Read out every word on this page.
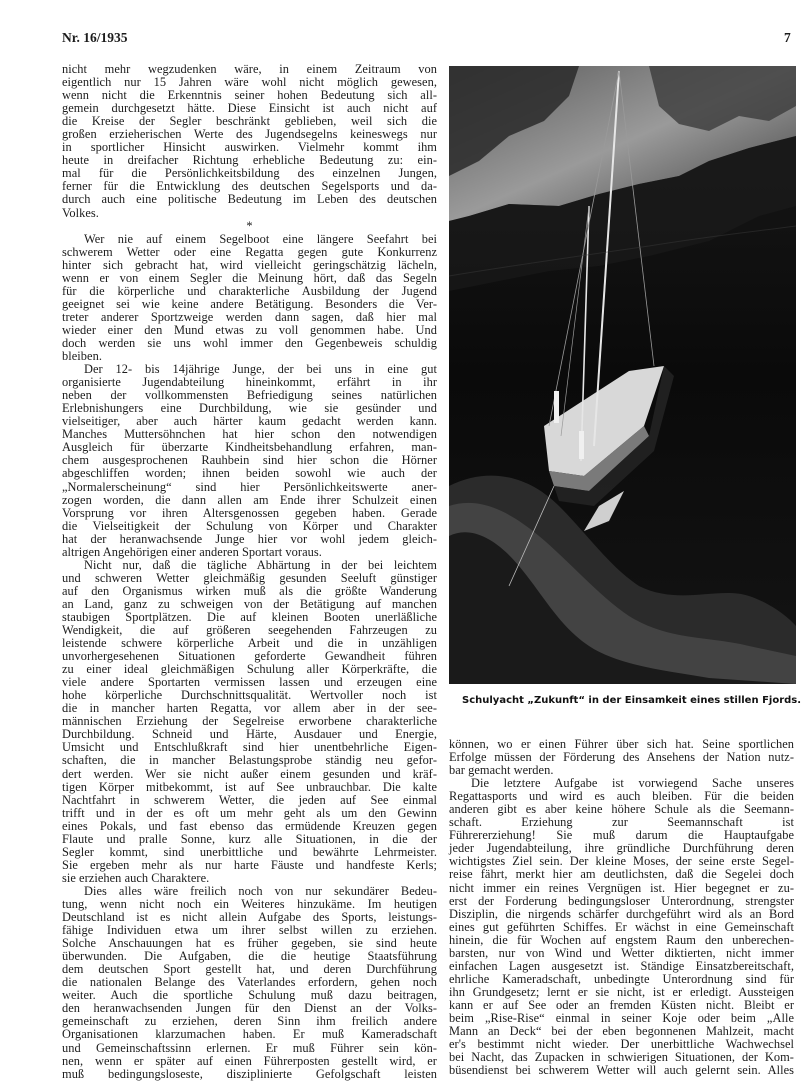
Nr. 16/1935	7
nicht mehr wegzudenken wäre, in einem Zeitraum von
eigentlich nur 15 Jahren wäre wohl nicht möglich gewesen,
wenn nicht die Erkenntnis seiner hohen Bedeutung sich all-
gemein durchgesetzt hätte. Diese Einsicht ist auch nicht auf
die Kreise der Segler beschränkt geblieben, weil sich die
großen erzieherischen Werte des Jugendsegelns keineswegs nur
in sportlicher Hinsicht auswirken. Vielmehr kommt ihm
heute in dreifacher Richtung erhebliche Bedeutung zu: ein-
mal für die Persönlichkeitsbildung des einzelnen Jungen,
ferner für die Entwicklung des deutschen Segelsports und da-
durch auch eine politische Bedeutung im Leben des deutschen
Volkes.
*
Wer nie auf einem Segelboot eine längere Seefahrt bei
schwerem Wetter oder eine Regatta gegen gute Konkurrenz
hinter sich gebracht hat, wird vielleicht geringschätzig lächeln,
wenn er von einem Segler die Meinung hört, daß das Segeln
für die körperliche und charakterliche Ausbildung der Jugend
geeignet sei wie keine andere Betätigung. Besonders die Ver-
treter anderer Sportzweige werden dann sagen, daß hier mal
wieder einer den Mund etwas zu voll genommen habe. Und
doch werden sie uns wohl immer den Gegenbeweis schuldig
bleiben.
Der 12- bis 14jährige Junge, der bei uns in eine gut
organisierte Jugendabteilung hineinkommt, erfährt in ihr
neben der vollkommensten Befriedigung seines natürlichen
Erlebnishungers eine Durchbildung, wie sie gesünder und
vielseitiger, aber auch härter kaum gedacht werden kann.
Manches Muttersöhnchen hat hier schon den notwendigen
Ausgleich für überzarte Kindheitsbehandlung erfahren, man-
chem ausgesprochenen Rauhbein sind hier schon die Hörner
abgeschliffen worden; ihnen beiden sowohl wie auch der
„Normalerscheinung“ sind hier Persönlichkeitswerte aner-
zogen worden, die dann allen am Ende ihrer Schulzeit einen
Vorsprung vor ihren Altersgenossen gegeben haben. Gerade
die Vielseitigkeit der Schulung von Körper und Charakter
hat der heranwachsende Junge hier vor wohl jedem gleich-
altrigen Angehörigen einer anderen Sportart voraus.
Nicht nur, daß die tägliche Abhärtung in der bei leichtem
und schweren Wetter gleichmäßig gesunden Seeluft günstiger
auf den Organismus wirken muß als die größte Wanderung
an Land, ganz zu schweigen von der Betätigung auf manchen
staubigen Sportplätzen. Die auf kleinen Booten unerläßliche
Wendigkeit, die auf größeren seegehenden Fahrzeugen zu
leistende schwere körperliche Arbeit und die in unzähligen
unvorhergesehenen Situationen geforderte Gewandheit führen
zu einer ideal gleichmäßigen Schulung aller Körperkräfte, die
viele andere Sportarten vermissen lassen und erzeugen eine
hohe körperliche Durchschnittsqualität. Wertvoller noch ist
die in mancher harten Regatta, vor allem aber in der see-
männischen Erziehung der Segelreise erworbene charakterliche
Durchbildung. Schneid und Härte, Ausdauer und Energie,
Umsicht und Entschlußkraft sind hier unentbehrliche Eigen-
schaften, die in mancher Belastungsprobe ständig neu gefor-
dert werden. Wer sie nicht außer einem gesunden und kräf-
tigen Körper mitbekommt, ist auf See unbrauchbar. Die kalte
Nachtfahrt in schwerem Wetter, die jeden auf See einmal
trifft und in der es oft um mehr geht als um den Gewinn
eines Pokals, und fast ebenso das ermüdende Kreuzen gegen
Flaute und pralle Sonne, kurz alle Situationen, in die der
Segler kommt, sind unerbittliche und bewährte Lehrmeister.
Sie ergeben mehr als nur harte Fäuste und handfeste Kerls;
sie erziehen auch Charaktere.
Dies alles wäre freilich noch von nur sekundärer Bedeu-
tung, wenn nicht noch ein Weiteres hinzukäme. Im heutigen
Deutschland ist es nicht allein Aufgabe des Sports, leistungs-
fähige Individuen etwa um ihrer selbst willen zu erziehen.
Solche Anschauungen hat es früher gegeben, sie sind heute
überwunden. Die Aufgaben, die die heutige Staatsführung
dem deutschen Sport gestellt hat, und deren Durchführung
die nationalen Belange des Vaterlandes erfordern, gehen noch
weiter. Auch die sportliche Schulung muß dazu beitragen,
den heranwachsenden Jungen für den Dienst an der Volks-
gemeinschaft zu erziehen, deren Sinn ihm freilich andere
Organisationen klarzumachen haben. Er muß Kameradschaft
und Gemeinschaftssinn erlernen. Er muß Führer sein kön-
nen, wenn er später auf einen Führerposten gestellt wird, er
muß bedingungsloseste, disziplinierte Gefolgschaft leisten
Schulyacht „Zukunft“ in der Einsamkeit eines stillen Fjords.
können, wo er einen Führer über sich hat. Seine sportlichen
Erfolge müssen der Förderung des Ansehens der Nation nutz-
bar gemacht werden.
Die letztere Aufgabe ist vorwiegend Sache unseres
Regattasports und wird es auch bleiben. Für die beiden
anderen gibt es aber keine höhere Schule als die Seemann-
schaft. Erziehung zur Seemannschaft ist
Führererziehung! Sie muß darum die Hauptaufgabe
jeder Jugendabteilung, ihre gründliche Durchführung deren
wichtigstes Ziel sein. Der kleine Moses, der seine erste Segel-
reise fährt, merkt hier am deutlichsten, daß die Segelei doch
nicht immer ein reines Vergnügen ist. Hier begegnet er zu-
erst der Forderung bedingungsloser Unterordnung, strengster
Disziplin, die nirgends schärfer durchgeführt wird als an Bord
eines gut geführten Schiffes. Er wächst in eine Gemeinschaft
hinein, die für Wochen auf engstem Raum den unberechen-
barsten, nur von Wind und Wetter diktierten, nicht immer
einfachen Lagen ausgesetzt ist. Ständige Einsatzbereitschaft,
ehrliche Kameradschaft, unbedingte Unterordnung sind für
ihn Grundgesetz; lernt er sie nicht, ist er erledigt. Aussteigen
kann er auf See oder an fremden Küsten nicht. Bleibt er
beim „Rise-Rise“ einmal in seiner Koje oder beim „Alle
Mann an Deck“ bei der eben begonnenen Mahlzeit, macht
er's bestimmt nicht wieder. Der unerbittliche Wachwechsel
bei Nacht, das Zupacken in schwierigen Situationen, der Kom-
büsendienst bei schwerem Wetter will auch gelernt sein. Alles
